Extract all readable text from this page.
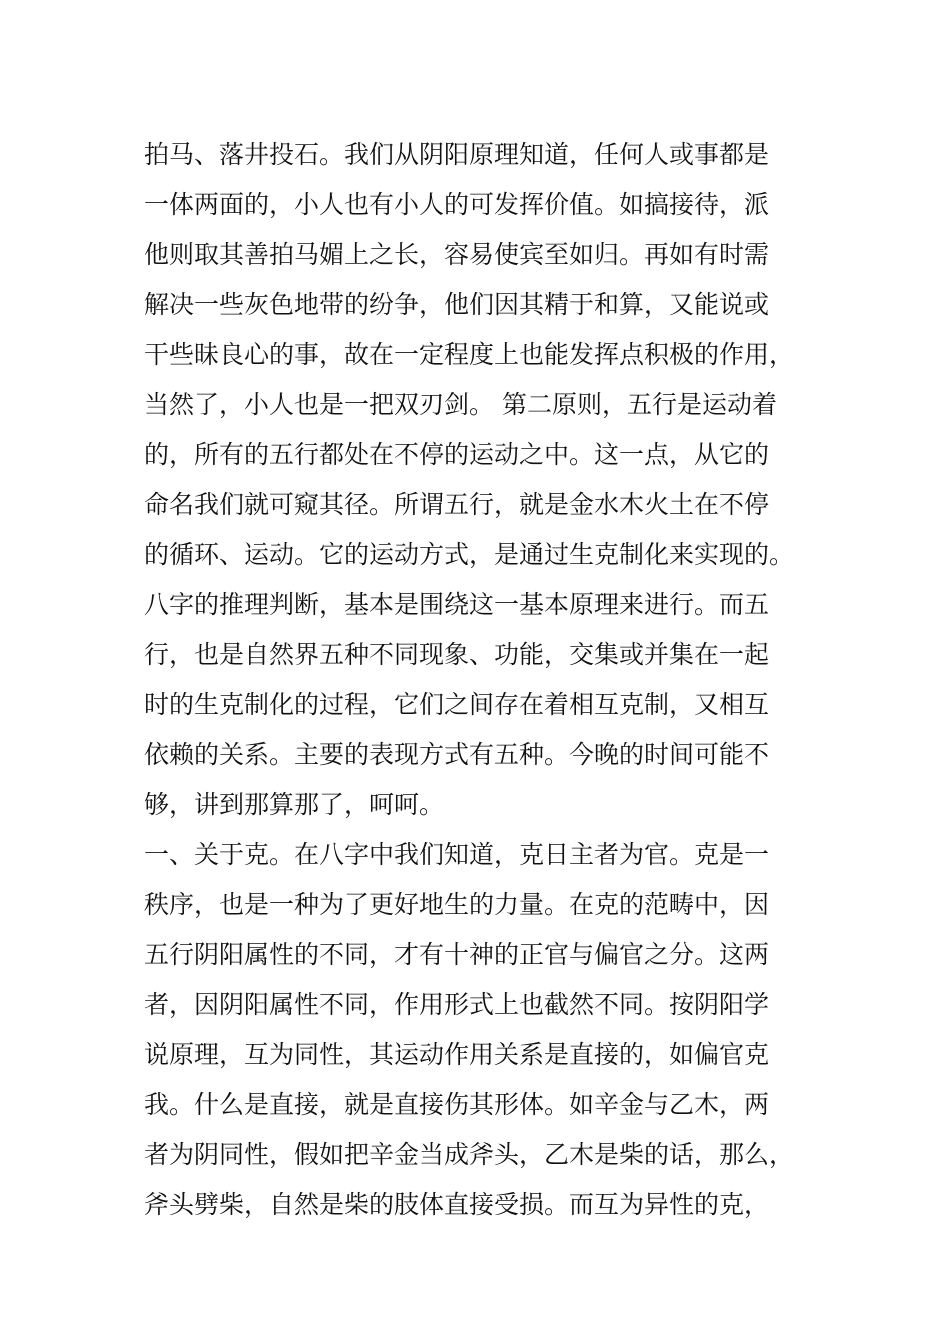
拍马、落井投石。我们从阴阳原理知道，任何人或事都是
一体两面的，小人也有小人的可发挥价值。如搞接待，派
他则取其善拍马媚上之长，容易使宾至如归。再如有时需
解决一些灰色地带的纷争，他们因其精于和算，又能说或
干些昧良心的事，故在一定程度上也能发挥点积极的作用，
当然了，小人也是一把双刃剑。 第二原则，五行是运动着
的，所有的五行都处在不停的运动之中。这一点，从它的
命名我们就可窥其径。所谓五行，就是金水木火土在不停
的循环、运动。它的运动方式，是通过生克制化来实现的。
八字的推理判断，基本是围绕这一基本原理来进行。而五
行，也是自然界五种不同现象、功能，交集或并集在一起
时的生克制化的过程，它们之间存在着相互克制，又相互
依赖的关系。主要的表现方式有五种。今晚的时间可能不
够，讲到那算那了，呵呵。
一、关于克。在八字中我们知道，克日主者为官。克是一
秩序，也是一种为了更好地生的力量。在克的范畴中，因
五行阴阳属性的不同，才有十神的正官与偏官之分。这两
者，因阴阳属性不同，作用形式上也截然不同。按阴阳学
说原理，互为同性，其运动作用关系是直接的，如偏官克
我。什么是直接，就是直接伤其形体。如辛金与乙木，两
者为阴同性，假如把辛金当成斧头，乙木是柴的话，那么，
斧头劈柴，自然是柴的肢体直接受损。而互为异性的克，
